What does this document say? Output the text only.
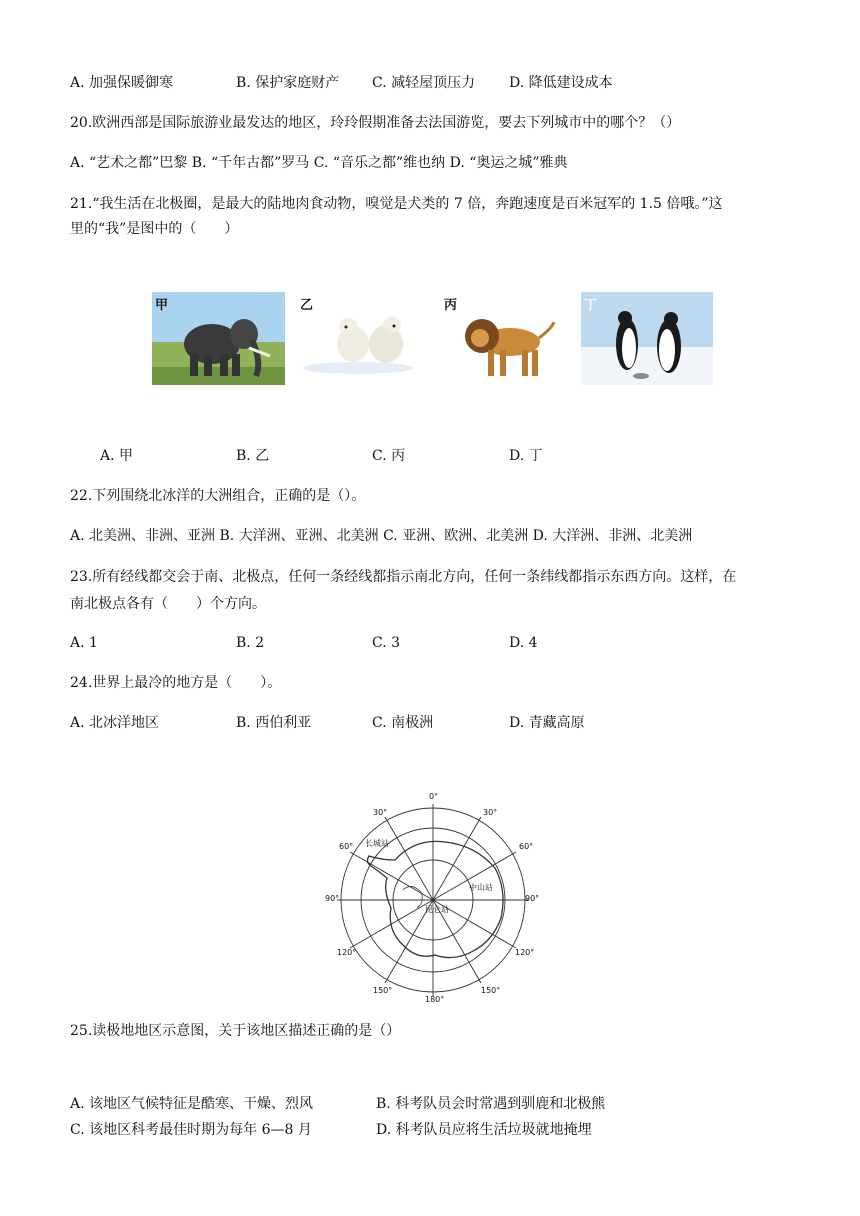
A. 加强保暖御寒	B. 保护家庭财产 C. 减轻屋顶压力 D. 降低建设成本
20.欧洲西部是国际旅游业最发达的地区，玲玲假期准备去法国游览，要去下列城市中的哪个？（）
A. “艺术之都”巴黎 B. “千年古都”罗马 C. “音乐之都”维也纳 D. “奥运之城”雅典
21.“我生活在北极圈，是最大的陆地肉食动物，嗅觉是犬类的 7 倍，奔跑速度是百米冠军的 1.5 倍哦。”这
里的“我”是图中的（　　）
甲	乙	丙	丁
A. 甲	B. 乙	C. 丙	D. 丁
22.下列围绕北冰洋的大洲组合，正确的是（）。
A. 北美洲、非洲、亚洲 B. 大洋洲、亚洲、北美洲 C. 亚洲、欧洲、北美洲 D. 大洋洲、非洲、北美洲
23.所有经线都交会于南、北极点，任何一条经线都指示南北方向，任何一条纬线都指示东西方向。这样，在
南北极点各有（　　）个方向。
A. 1	B. 2	C. 3	D. 4
24.世界上最冷的地方是（　　）。
A. 北冰洋地区	B. 西伯利亚	C. 南极洲	D. 青藏高原
0°
30°
60°
90°
120°
150°
180°
150°
120°
90°
60°
30°
昆仑站
长城站
中山站
25.读极地地区示意图，关于该地区描述正确的是（）
A. 该地区气候特征是酷寒、干燥、烈风	B. 科考队员会时常遇到驯鹿和北极熊
C. 该地区科考最佳时期为每年 6—8 月	D. 科考队员应将生活垃圾就地掩埋
